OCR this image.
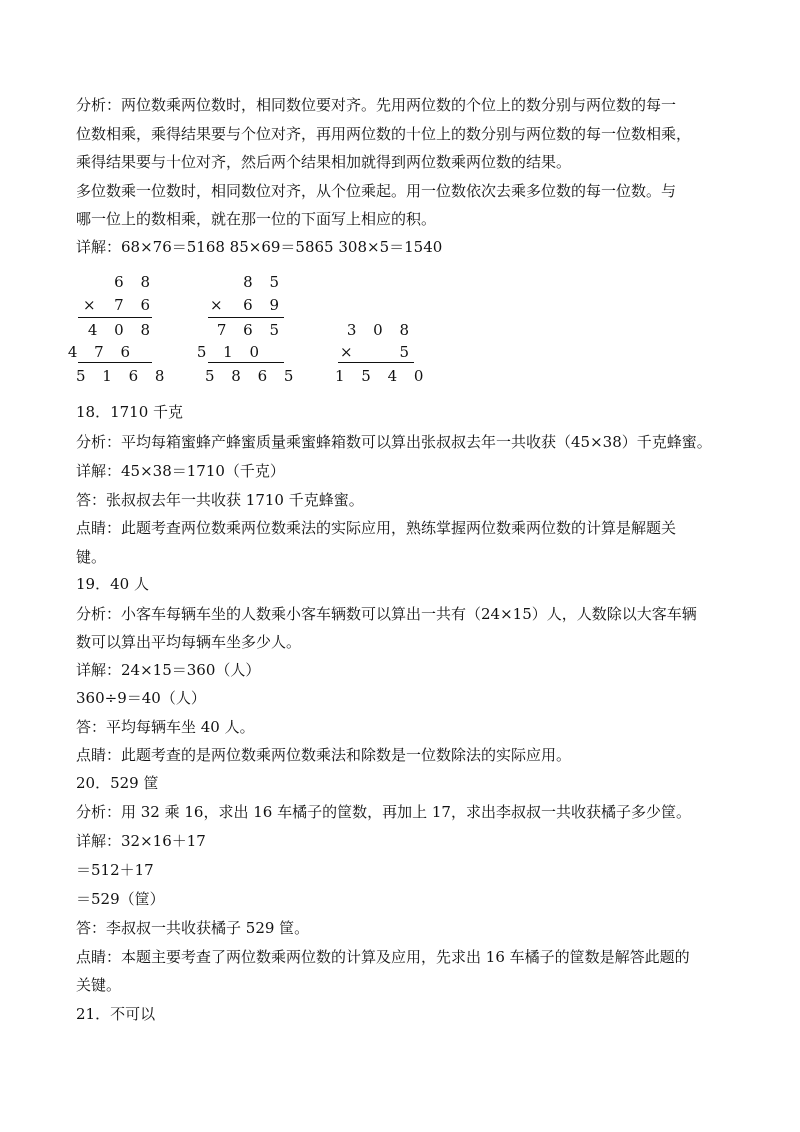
分析：两位数乘两位数时，相同数位要对齐。先用两位数的个位上的数分别与两位数的每一
位数相乘，乘得结果要与个位对齐，再用两位数的十位上的数分别与两位数的每一位数相乘，
乘得结果要与十位对齐，然后两个结果相加就得到两位数乘两位数的结果。
多位数乘一位数时，相同数位对齐，从个位乘起。用一位数依次去乘多位数的每一位数。与
哪一位上的数相乘，就在那一位的下面写上相应的积。
详解：68×76＝5168 85×69＝5865 308×5＝1540
6 8
×	7 6
4 0 8
4 7 6
5 1 6 8
8 5
×	6 9
7 6 5
5 1 0
5 8 6 5
3 0 8
×	5
1 5 4 0
18．1710 千克
分析：平均每箱蜜蜂产蜂蜜质量乘蜜蜂箱数可以算出张叔叔去年一共收获（45×38）千克蜂蜜。
详解：45×38＝1710（千克）
答：张叔叔去年一共收获 1710 千克蜂蜜。
点睛：此题考查两位数乘两位数乘法的实际应用，熟练掌握两位数乘两位数的计算是解题关
键。
19．40 人
分析：小客车每辆车坐的人数乘小客车辆数可以算出一共有（24×15）人，人数除以大客车辆
数可以算出平均每辆车坐多少人。
详解：24×15＝360（人）
360÷9＝40（人）
答：平均每辆车坐 40 人。
点睛：此题考查的是两位数乘两位数乘法和除数是一位数除法的实际应用。
20．529 筐
分析：用 32 乘 16，求出 16 车橘子的筐数，再加上 17，求出李叔叔一共收获橘子多少筐。
详解：32×16＋17
＝512＋17
＝529（筐）
答：李叔叔一共收获橘子 529 筐。
点睛：本题主要考查了两位数乘两位数的计算及应用，先求出 16 车橘子的筐数是解答此题的
关键。
21．不可以
